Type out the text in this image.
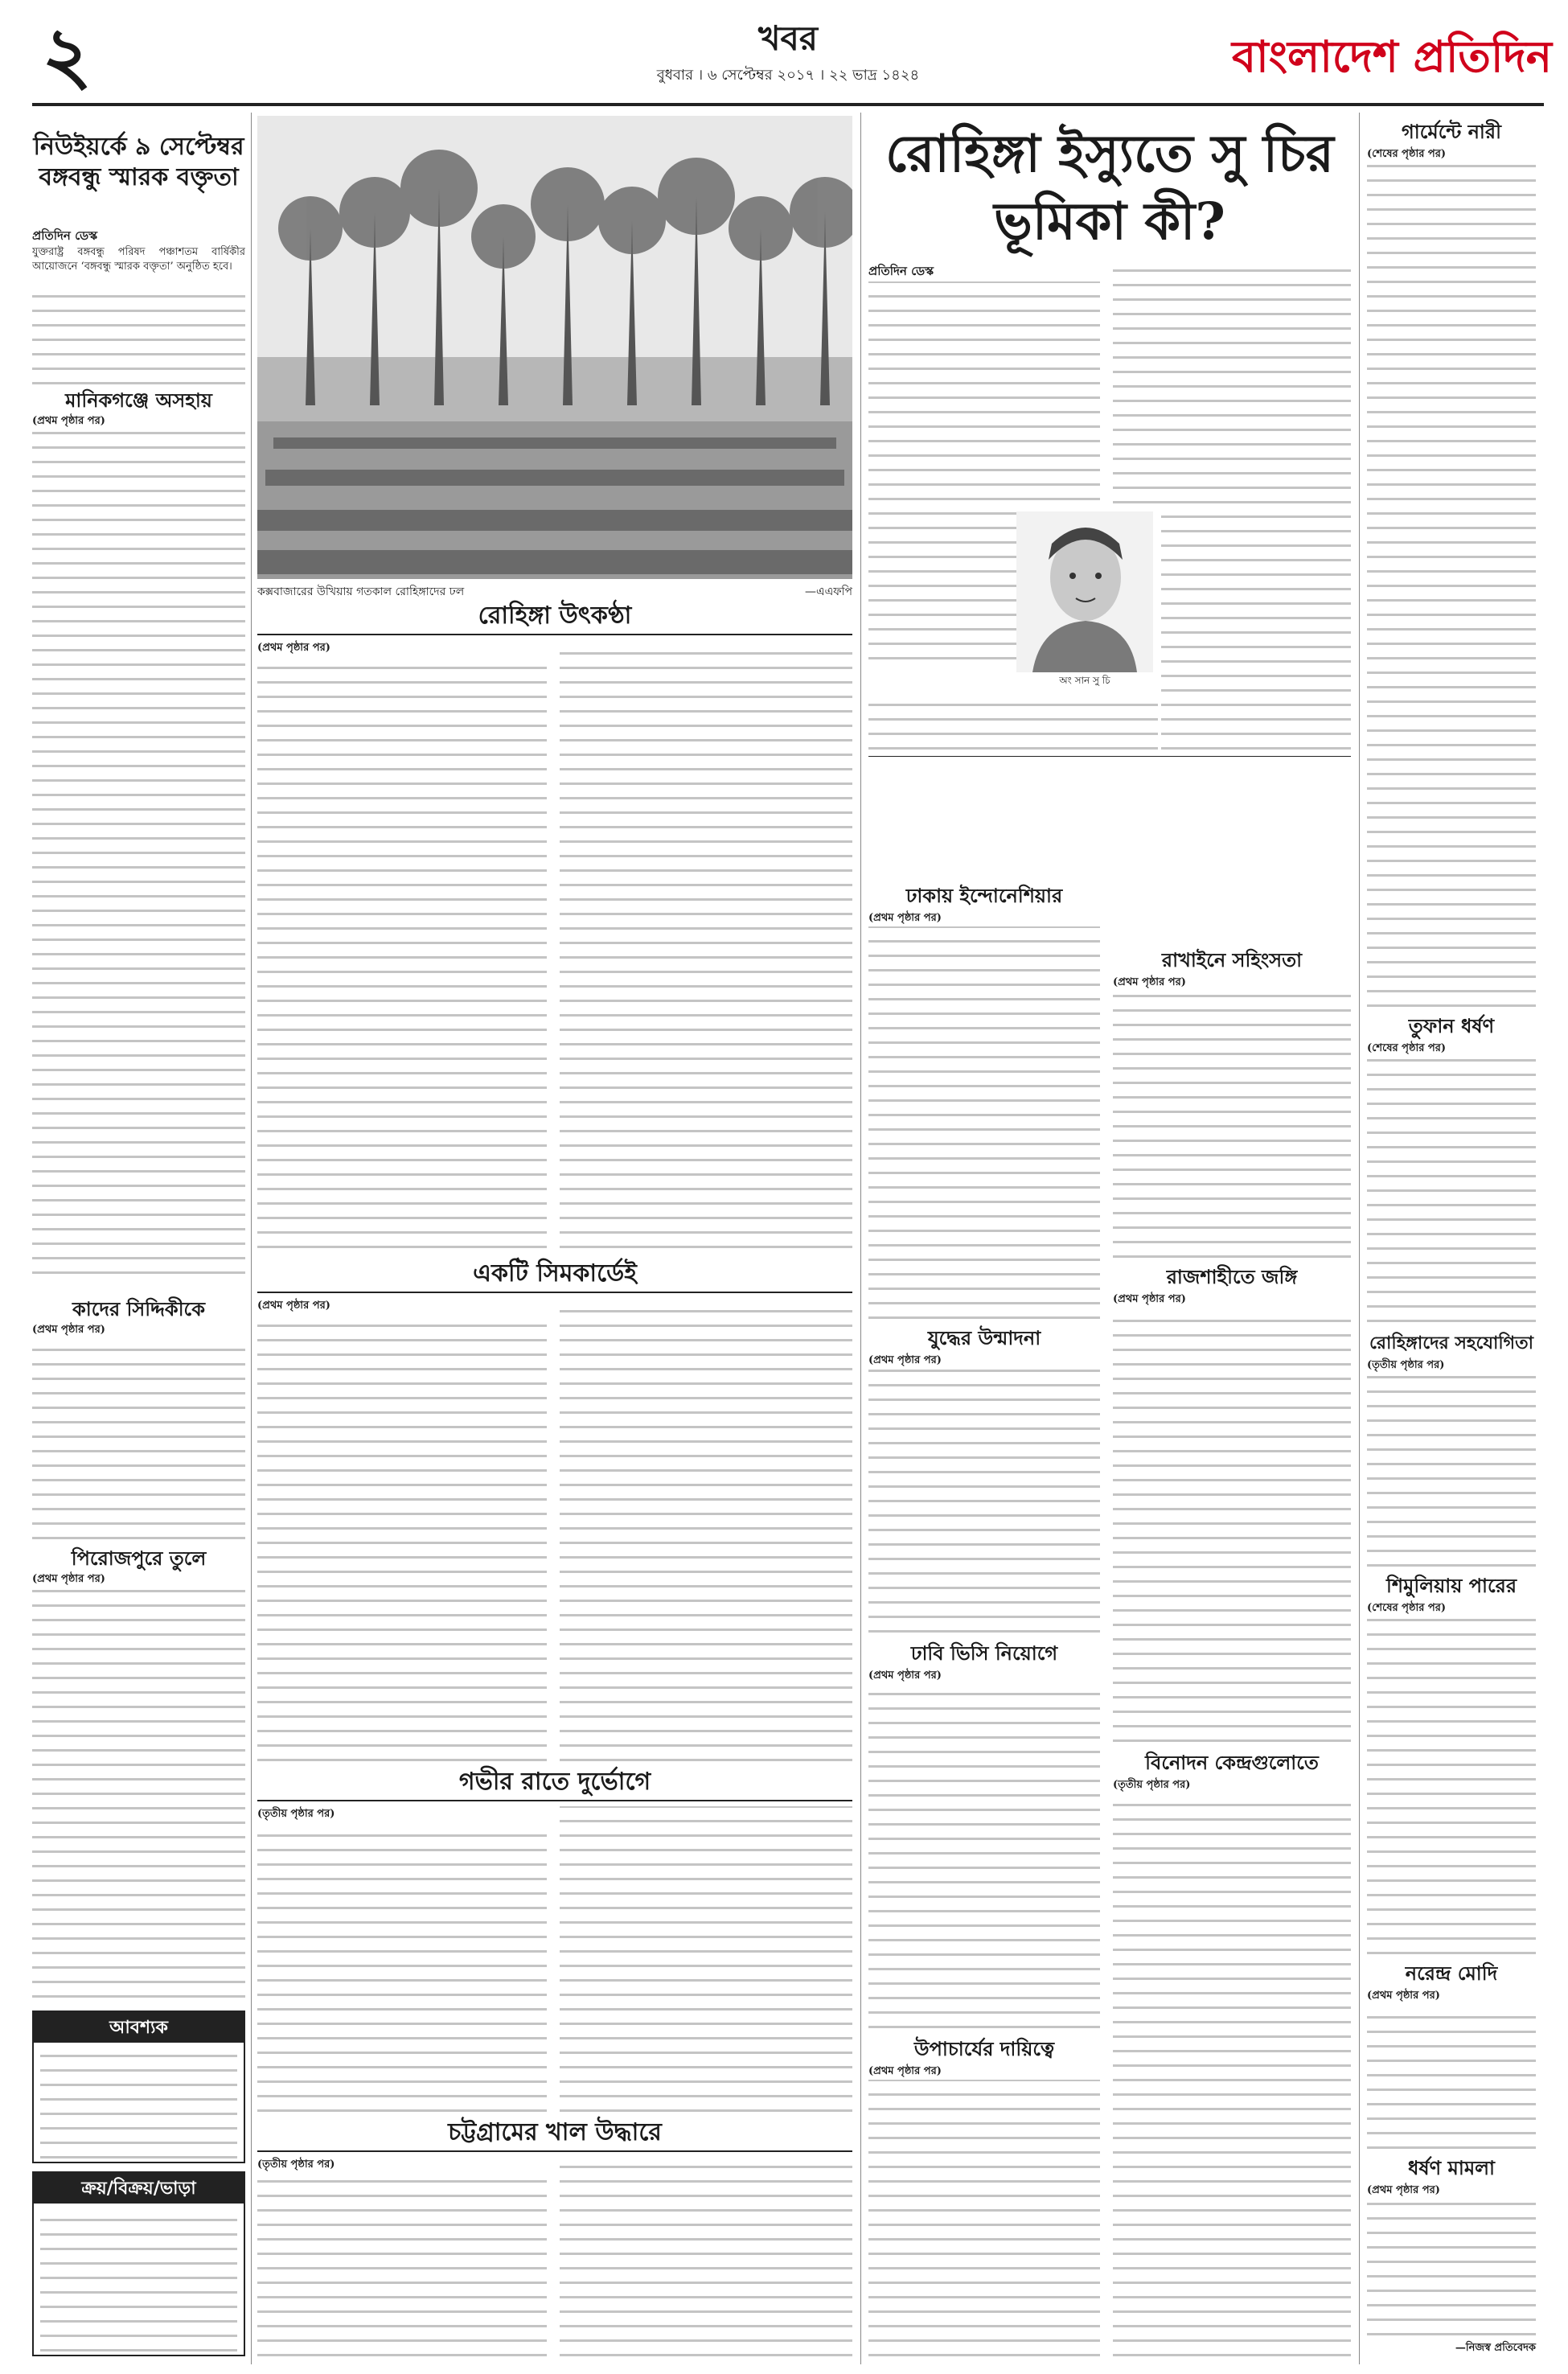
২	খবর
বুধবার । ৬ সেপ্টেম্বর ২০১৭ । ২২ ভাদ্র ১৪২৪	বাংলাদেশ প্রতিদিন
নিউইয়র্কে ৯ সেপ্টেম্বর বঙ্গবন্ধু স্মারক বক্তৃতা
প্রতিদিন ডেস্ক
যুক্তরাষ্ট্র বঙ্গবন্ধু পরিষদ পঞ্চাশতম বার্ষিকীর আয়োজনে ‘বঙ্গবন্ধু স্মারক বক্তৃতা’ অনুষ্ঠিত হবে।
মানিকগঞ্জে অসহায়
(প্রথম পৃষ্ঠার পর)
কাদের সিদ্দিকীকে
(প্রথম পৃষ্ঠার পর)
পিরোজপুরে তুলে
(প্রথম পৃষ্ঠার পর)
আবশ্যক
ক্রয়/বিক্রয়/ভাড়া
কক্সবাজারের উখিয়ায় গতকাল রোহিঙ্গাদের ঢল	—এএফপি
রোহিঙ্গা উৎকণ্ঠা
(প্রথম পৃষ্ঠার পর)
একটি সিমকার্ডেই
(প্রথম পৃষ্ঠার পর)
গভীর রাতে দুর্ভোগে
(তৃতীয় পৃষ্ঠার পর)
চট্টগ্রামের খাল উদ্ধারে
(তৃতীয় পৃষ্ঠার পর)
রোহিঙ্গা ইস্যুতে সু চির ভূমিকা কী?
প্রতিদিন ডেস্ক
অং সান সু চি
ঢাকায় ইন্দোনেশিয়ার
(প্রথম পৃষ্ঠার পর)
রাখাইনে সহিংসতা
(প্রথম পৃষ্ঠার পর)
রাজশাহীতে জঙ্গি
(প্রথম পৃষ্ঠার পর)
যুদ্ধের উন্মাদনা
(প্রথম পৃষ্ঠার পর)
ঢাবি ভিসি নিয়োগে
(প্রথম পৃষ্ঠার পর)
বিনোদন কেন্দ্রগুলোতে
(তৃতীয় পৃষ্ঠার পর)
উপাচার্যের দায়িত্বে
(প্রথম পৃষ্ঠার পর)
গার্মেন্টে নারী
(শেষের পৃষ্ঠার পর)
তুফান ধর্ষণ
(শেষের পৃষ্ঠার পর)
রোহিঙ্গাদের সহযোগিতা
(তৃতীয় পৃষ্ঠার পর)
শিমুলিয়ায় পারের
(শেষের পৃষ্ঠার পর)
নরেন্দ্র মোদি
(প্রথম পৃষ্ঠার পর)
ধর্ষণ মামলা
(প্রথম পৃষ্ঠার পর)
—নিজস্ব প্রতিবেদক
